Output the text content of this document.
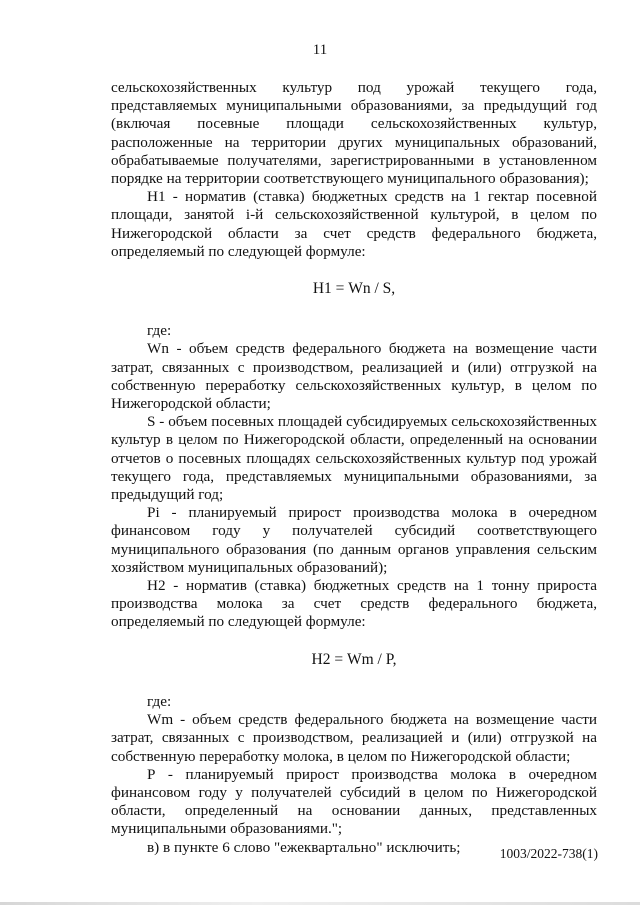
11

сельскохозяйственных культур под урожай текущего года, представляемых муниципальными образованиями, за предыдущий год (включая посевные площади сельскохозяйственных культур, расположенные на территории других муниципальных образований, обрабатываемые получателями, зарегистрированными в установленном порядке на территории соответствующего муниципального образования);

Н1 - норматив (ставка) бюджетных средств на 1 гектар посевной площади, занятой i-й сельскохозяйственной культурой, в целом по Нижегородской области за счет средств федерального бюджета, определяемый по следующей формуле:

Н1 = Wn / S,

где:

Wn - объем средств федерального бюджета на возмещение части затрат, связанных с производством, реализацией и (или) отгрузкой на собственную переработку сельскохозяйственных культур, в целом по Нижегородской области;

S - объем посевных площадей субсидируемых сельскохозяйственных культур в целом по Нижегородской области, определенный на основании отчетов о посевных площадях сельскохозяйственных культур под урожай текущего года, представляемых муниципальными образованиями, за предыдущий год;

Pi - планируемый прирост производства молока в очередном финансовом году у получателей субсидий соответствующего муниципального образования (по данным органов управления сельским хозяйством муниципальных образований);

Н2 - норматив (ставка) бюджетных средств на 1 тонну прироста производства молока за счет средств федерального бюджета, определяемый по следующей формуле:

Н2 = Wm / P,

где:

Wm - объем средств федерального бюджета на возмещение части затрат, связанных с производством, реализацией и (или) отгрузкой на собственную переработку молока, в целом по Нижегородской области;

Р - планируемый прирост производства молока в очередном финансовом году у получателей субсидий в целом по Нижегородской области, определенный на основании данных, представленных муниципальными образованиями.";

в) в пункте 6 слово "ежеквартально" исключить;	1003/2022-738(1)
